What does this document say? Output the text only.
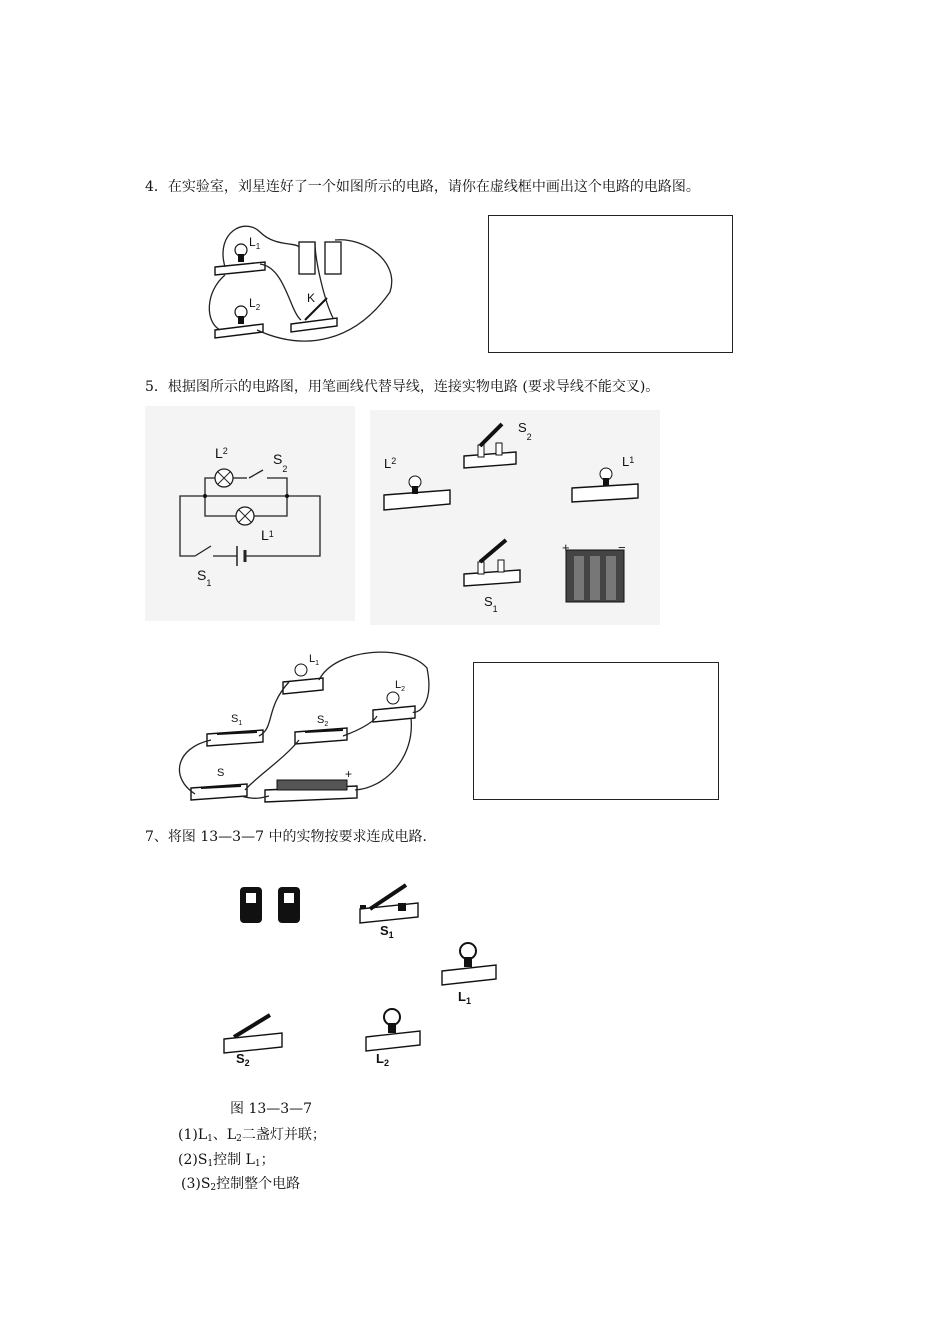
4．在实验室，刘星连好了一个如图所示的电路，请你在虚线框中画出这个电路的电路图。
$L_1$
$L_2$
K
5．根据图所示的电路图，用笔画线代替导线，连接实物电路 (要求导线不能交叉)。
$L^2$	$S_2$
$L^1$
$S_1$
$L^2$
$S_2$
$L^1$
$S_1$
+	−
$L_1$
$L_2$
$S_1$	$S_2$
S	+
7、将图 13—3—7 中的实物按要求连成电路．
$S_1$
$L_1$
$S_2$	$L_2$
图 13—3—7
$(1)L_1$、$L_2$二盏灯并联；
$(2)S_1$控制 $L_1$；
$(3)S_2$控制整个电路
